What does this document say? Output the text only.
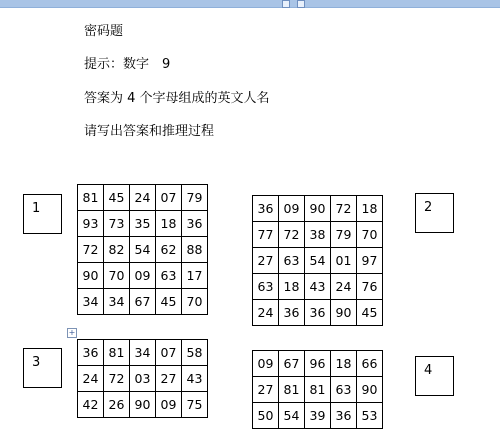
密码题
提示：数字　9
答案为 4 个字母组成的英文人名
请写出答案和推理过程
1	2
3
4
81	45	24	07	79
93	73	35	18	36
72	82	54	62	88
90	70	09	63	17
34	34	67	45	70
36	09	90	72	18
77	72	38	79	70
27	63	54	01	97
63	18	43	24	76
24	36	36	90	45
36	81	34	07	58
24	72	03	27	43
42	26	90	09	75
09	67	96	18	66
27	81	81	63	90
50	54	39	36	53
+
